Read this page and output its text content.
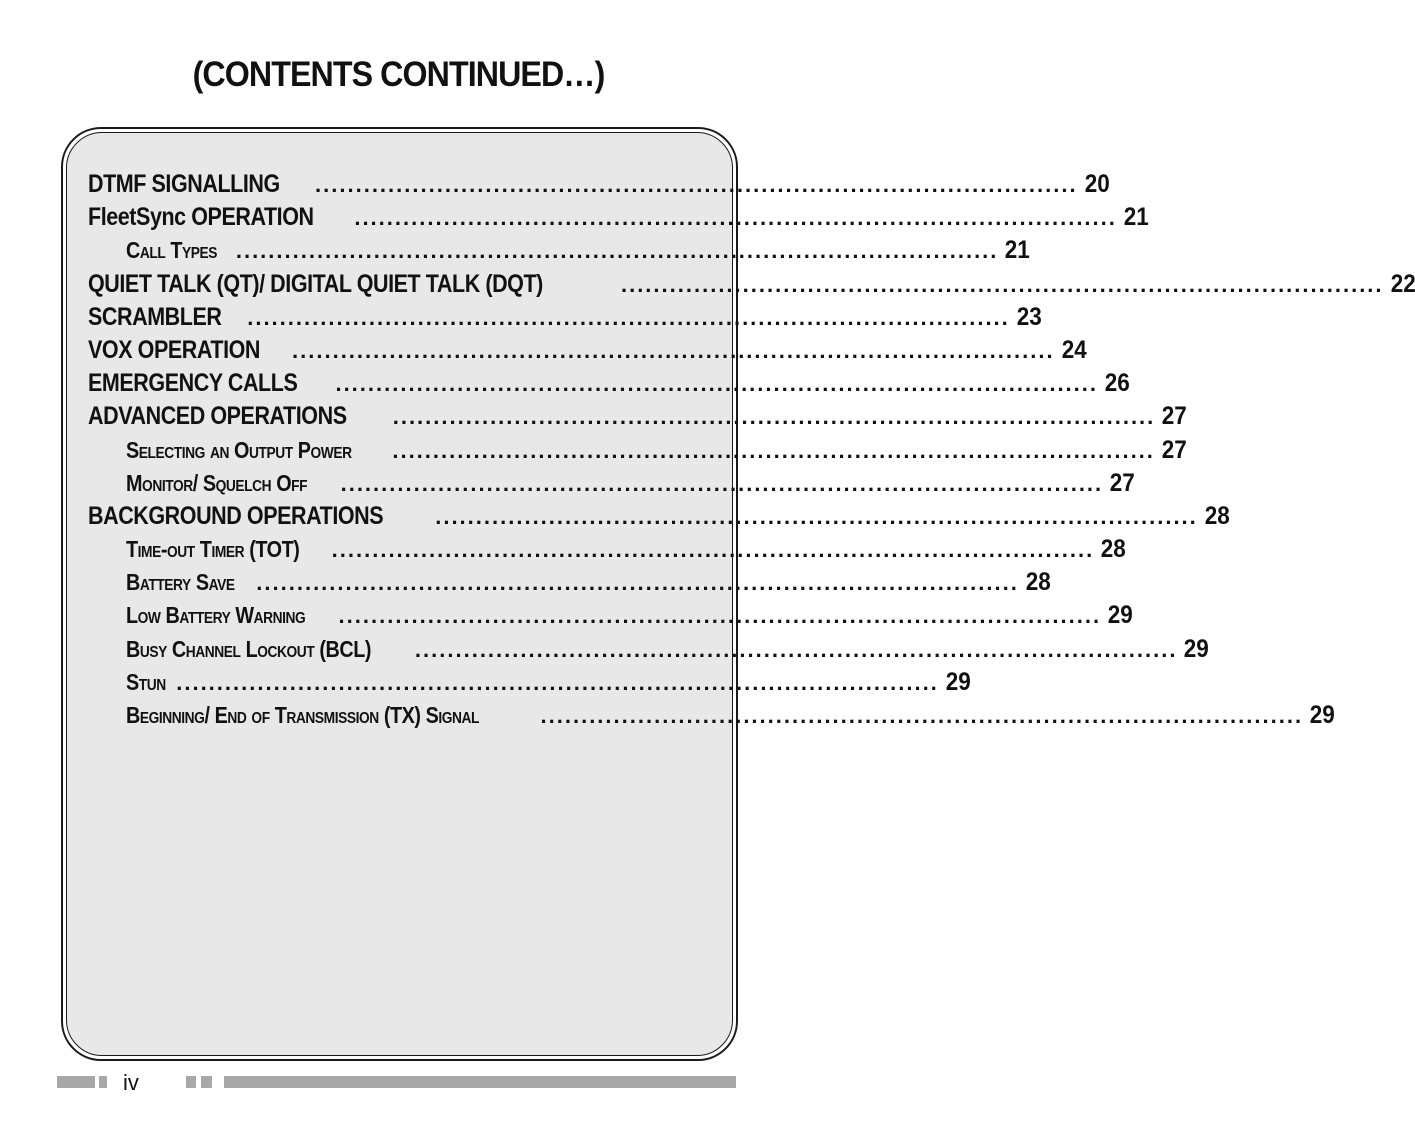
(CONTENTS CONTINUED…)
DTMF SIGNALLING .............................................................................................. 20
FleetSync OPERATION .............................................................................................. 21
Call Types .............................................................................................. 21
QUIET TALK (QT)/ DIGITAL QUIET TALK (DQT)	.............................................................................................. 22
SCRAMBLER .............................................................................................. 23
VOX OPERATION .............................................................................................. 24
EMERGENCY CALLS .............................................................................................. 26
ADVANCED OPERATIONS .............................................................................................. 27
Selecting an Output Power .............................................................................................. 27
Monitor/ Squelch Off .............................................................................................. 27
BACKGROUND OPERATIONS .............................................................................................. 28
Time-out Timer (TOT) .............................................................................................. 28
Battery Save .............................................................................................. 28
Low Battery Warning .............................................................................................. 29
Busy Channel Lockout (BCL) .............................................................................................. 29
Stun .............................................................................................. 29
Beginning/ End of Transmission (TX) Signal	.............................................................................................. 29
iv
